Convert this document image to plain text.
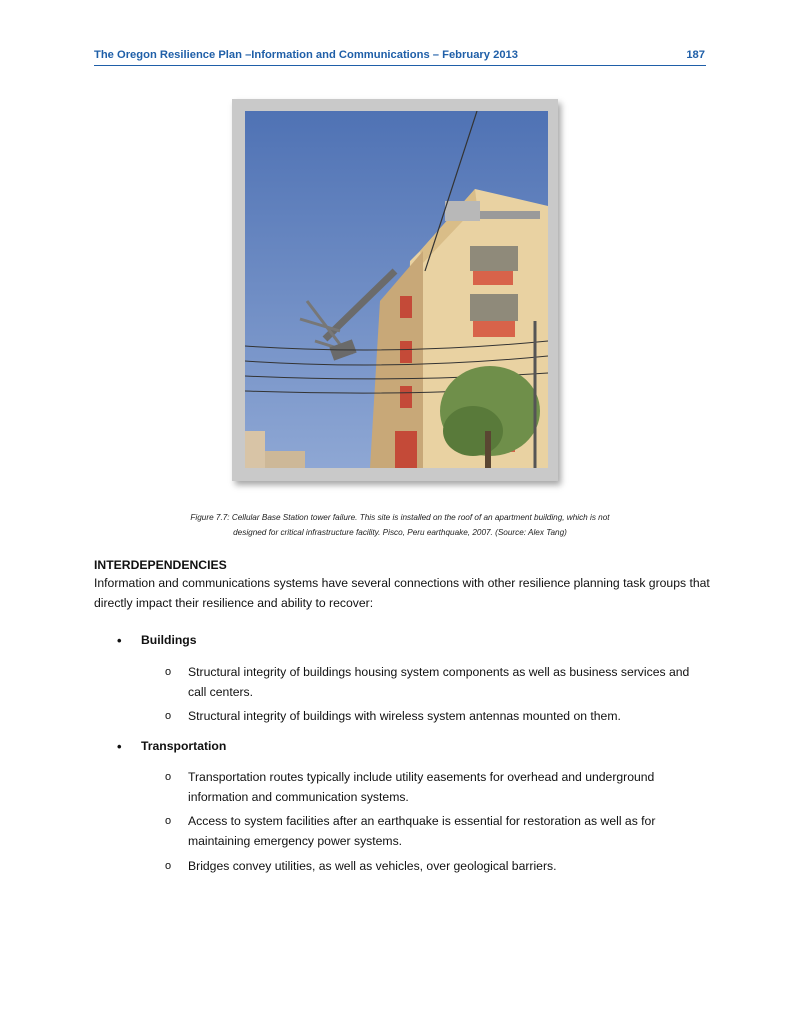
The Oregon Resilience Plan –Information and Communications – February 2013	187
Figure 7.7: Cellular Base Station tower failure. This site is installed on the roof of an apartment building, which is not
designed for critical infrastructure facility. Pisco, Peru earthquake, 2007. (Source: Alex Tang)
INTERDEPENDENCIES
Information and communications systems have several connections with other resilience planning task groups that directly impact their resilience and ability to recover:
• Buildings
o Structural integrity of buildings housing system components as well as business services and call centers.
o Structural integrity of buildings with wireless system antennas mounted on them.
• Transportation
o Transportation routes typically include utility easements for overhead and underground information and communication systems.
o Access to system facilities after an earthquake is essential for restoration as well as for maintaining emergency power systems.
o Bridges convey utilities, as well as vehicles, over geological barriers.
